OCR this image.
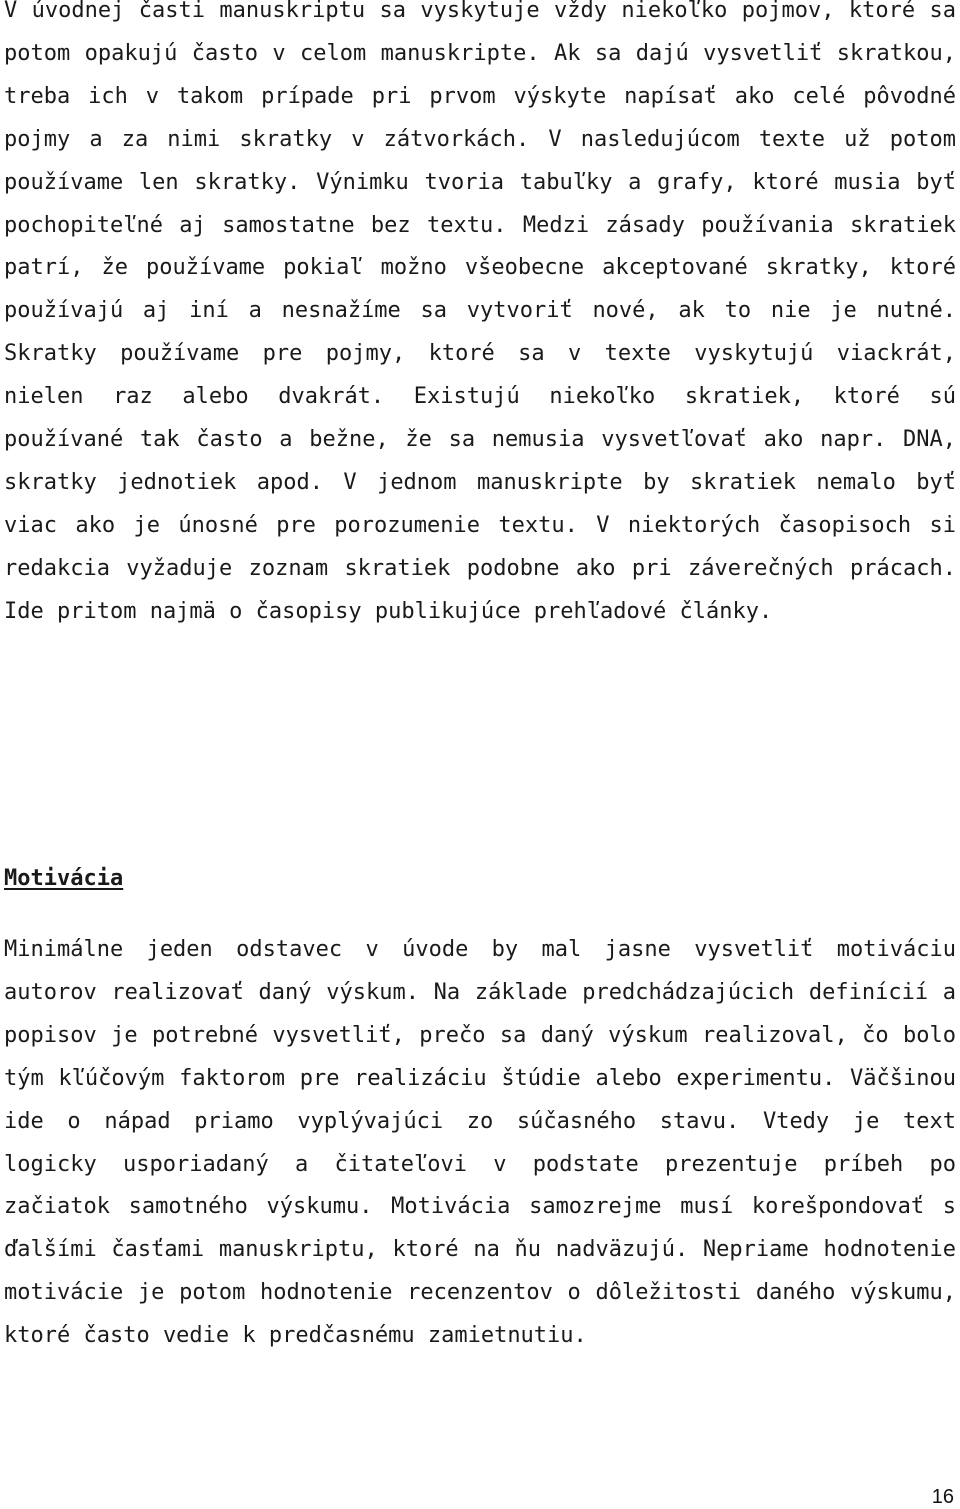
V úvodnej časti manuskriptu sa vyskytuje vždy niekoľko pojmov, ktoré sa potom opakujú často v celom manuskripte. Ak sa dajú vysvetliť skratkou, treba ich v takom prípade pri prvom výskyte napísať ako celé pôvodné pojmy a za nimi skratky v zátvorkách. V nasledujúcom texte už potom používame len skratky. Výnimku tvoria tabuľky a grafy, ktoré musia byť pochopiteľné aj samostatne bez textu. Medzi zásady používania skratiek patrí, že používame pokiaľ možno všeobecne akceptované skratky, ktoré používajú aj iní a nesnažíme sa vytvoriť nové, ak to nie je nutné. Skratky používame pre pojmy, ktoré sa v texte vyskytujú viackrát, nielen raz alebo dvakrát. Existujú niekoľko skratiek, ktoré sú používané tak často a bežne, že sa nemusia vysvetľovať ako napr. DNA, skratky jednotiek apod. V jednom manuskripte by skratiek nemalo byť viac ako je únosné pre porozumenie textu. V niektorých časopisoch si redakcia vyžaduje zoznam skratiek podobne ako pri záverečných prácach. Ide pritom najmä o časopisy publikujúce prehľadové články.

Motivácia

Minimálne jeden odstavec v úvode by mal jasne vysvetliť motiváciu autorov realizovať daný výskum. Na základe predchádzajúcich definícií a popisov je potrebné vysvetliť, prečo sa daný výskum realizoval, čo bolo tým kľúčovým faktorom pre realizáciu štúdie alebo experimentu. Väčšinou ide o nápad priamo vyplývajúci zo súčasného stavu. Vtedy je text logicky usporiadaný a čitateľovi v podstate prezentuje príbeh po začiatok samotného výskumu. Motivácia samozrejme musí korešpondovať s ďalšími časťami manuskriptu, ktoré na ňu nadväzujú. Nepriame hodnotenie motivácie je potom hodnotenie recenzentov o dôležitosti daného výskumu, ktoré často vedie k predčasnému zamietnutiu.

16
